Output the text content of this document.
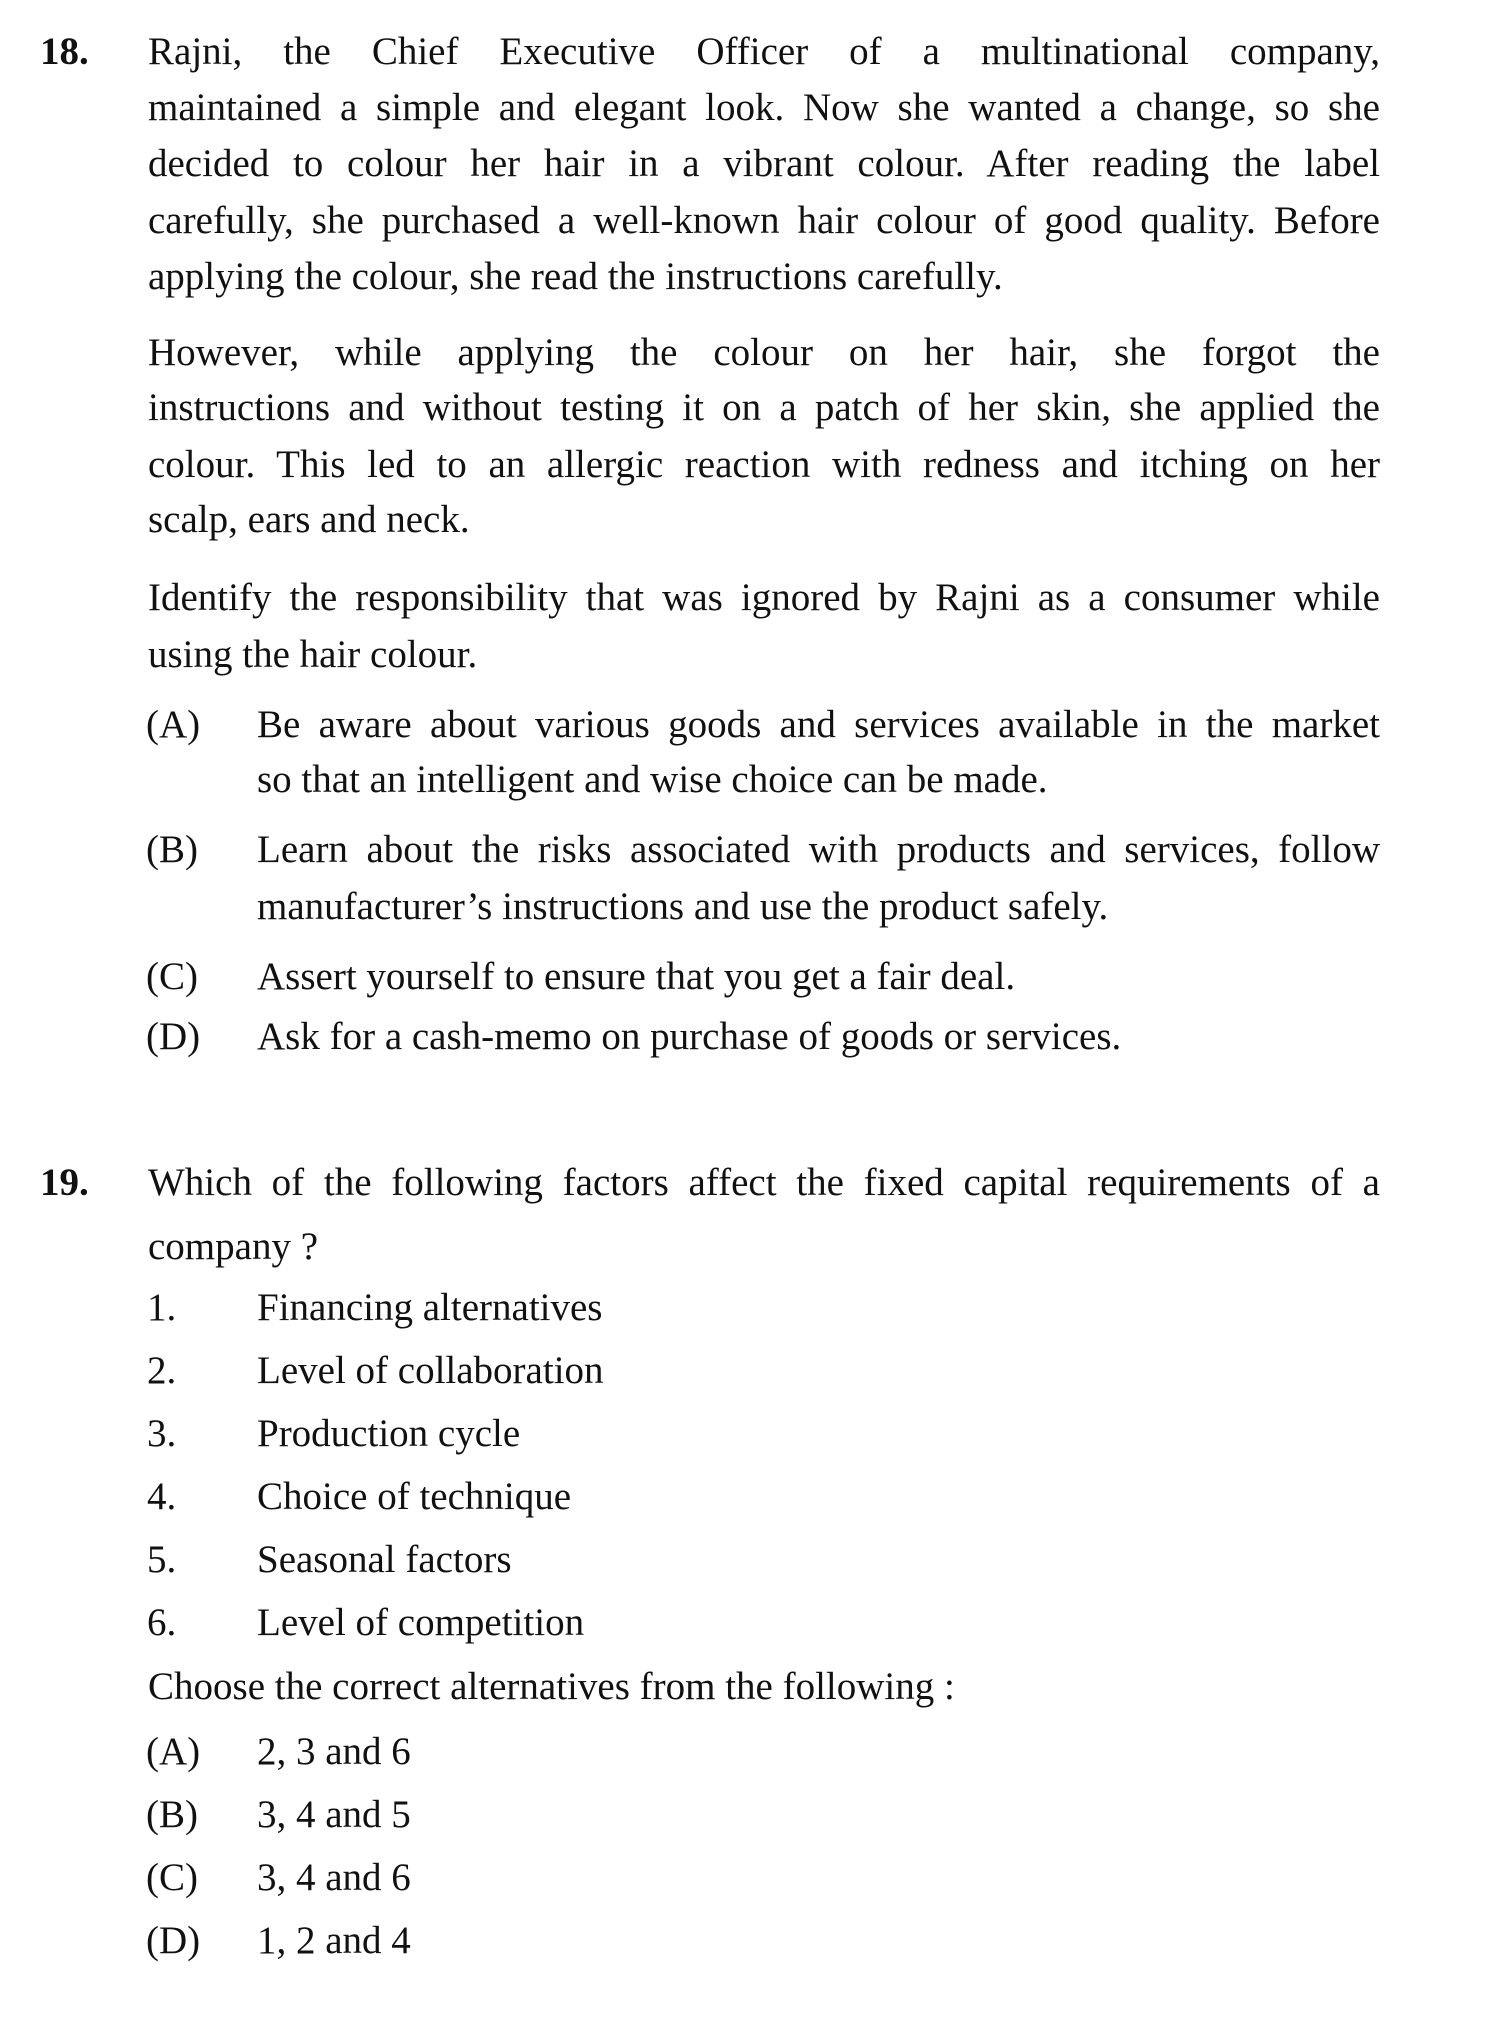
18. Rajni, the Chief Executive Officer of a multinational company,
maintained a simple and elegant look. Now she wanted a change, so she
decided to colour her hair in a vibrant colour. After reading the label
carefully, she purchased a well-known hair colour of good quality. Before
applying the colour, she read the instructions carefully.
However, while applying the colour on her hair, she forgot the
instructions and without testing it on a patch of her skin, she applied the
colour. This led to an allergic reaction with redness and itching on her
scalp, ears and neck.
Identify the responsibility that was ignored by Rajni as a consumer while
using the hair colour.
(A) Be aware about various goods and services available in the market
so that an intelligent and wise choice can be made.
(B) Learn about the risks associated with products and services, follow
manufacturer’s instructions and use the product safely.
(C) Assert yourself to ensure that you get a fair deal.
(D) Ask for a cash-memo on purchase of goods or services.
19. Which of the following factors affect the fixed capital requirements of a
company ?
1. Financing alternatives
2. Level of collaboration
3. Production cycle
4. Choice of technique
5. Seasonal factors
6. Level of competition
Choose the correct alternatives from the following :
(A) 2, 3 and 6
(B) 3, 4 and 5
(C) 3, 4 and 6
(D) 1, 2 and 4
